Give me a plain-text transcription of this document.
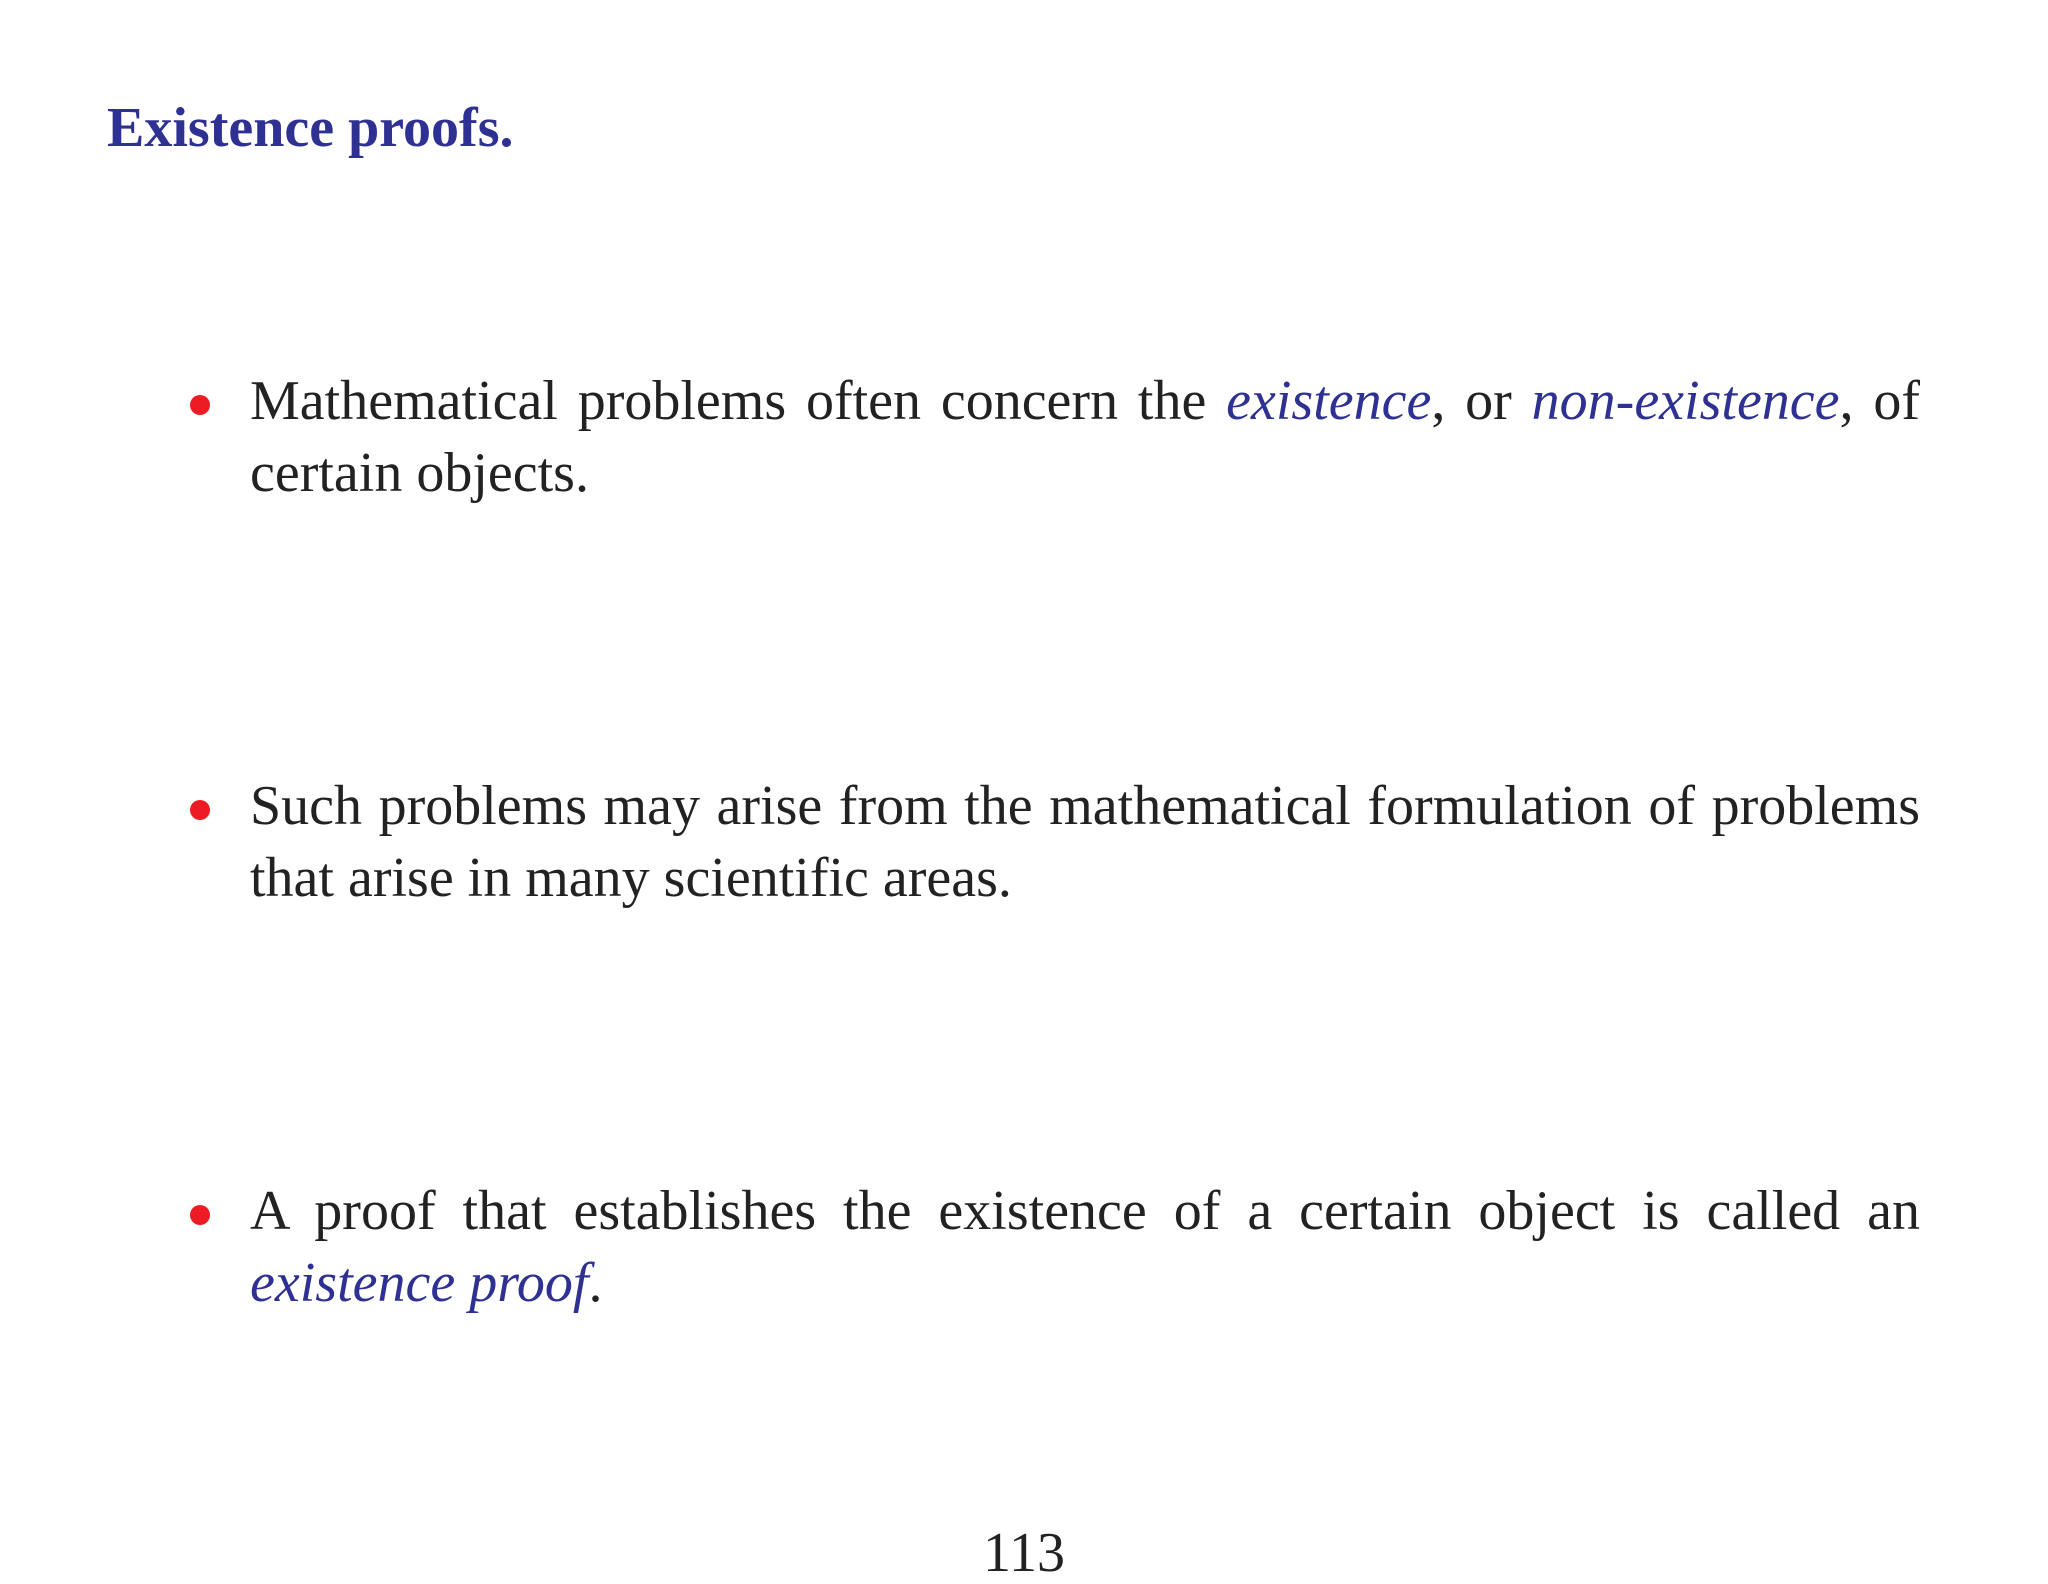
Existence proofs.

Mathematical problems often concern the existence, or non-existence, of certain objects.

Such problems may arise from the mathematical formulation of problems that arise in many scientific areas.

A proof that establishes the existence of a certain object is called an existence proof.

113
